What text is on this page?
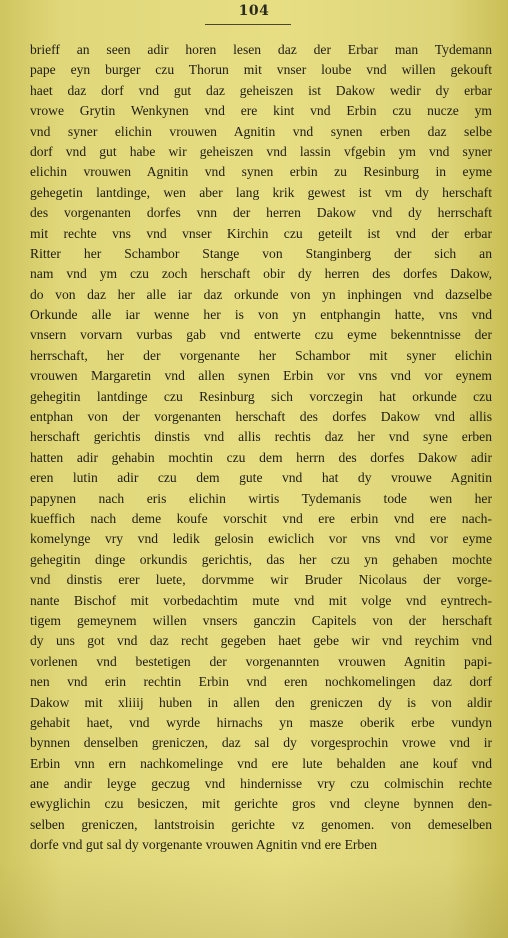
104
brieff an seen adir horen lesen daz der Erbar man Tydemann
pape eyn burger czu Thorun mit vnser loube vnd willen gekouft
haet daz dorf vnd gut daz geheiszen ist Dakow wedir dy erbar
vrowe Grytin Wenkynen vnd ere kint vnd Erbin czu nucze ym
vnd syner elichin vrouwen Agnitin vnd synen erben daz selbe
dorf vnd gut habe wir geheiszen vnd lassin vfgebin ym vnd syner
elichin vrouwen Agnitin vnd synen erbin zu Resinburg in eyme
gehegetin lantdinge, wen aber lang krik gewest ist vm dy herschaft
des vorgenanten dorfes vnn der herren Dakow vnd dy herrschaft
mit rechte vns vnd vnser Kirchin czu geteilt ist vnd der erbar
Ritter her Schambor Stange von Stanginberg der sich an
nam vnd ym czu zoch herschaft obir dy herren des dorfes Dakow,
do von daz her alle iar daz orkunde von yn inphingen vnd dazselbe
Orkunde alle iar wenne her is von yn entphangin hatte, vns vnd
vnsern vorvarn vurbas gab vnd entwerte czu eyme bekenntnisse der
herrschaft, her der vorgenante her Schambor mit syner elichin
vrouwen Margaretin vnd allen synen Erbin vor vns vnd vor eynem
gehegitin lantdinge czu Resinburg sich vorczegin hat orkunde czu
entphan von der vorgenanten herschaft des dorfes Dakow vnd allis
herschaft gerichtis dinstis vnd allis rechtis daz her vnd syne erben
hatten adir gehabin mochtin czu dem herrn des dorfes Dakow adir
eren lutin adir czu dem gute vnd hat dy vrouwe Agnitin
papynen nach eris elichin wirtis Tydemanis tode wen her
kueffich nach deme koufe vorschit vnd ere erbin vnd ere nach-
komelynge vry vnd ledik gelosin ewiclich vor vns vnd vor eyme
gehegitin dinge orkundis gerichtis, das her czu yn gehaben mochte
vnd dinstis erer luete, dorvmme wir Bruder Nicolaus der vorge-
nante Bischof mit vorbedachtim mute vnd mit volge vnd eyntrech-
tigem gemeynem willen vnsers ganczin Capitels von der herschaft
dy uns got vnd daz recht gegeben haet gebe wir vnd reychim vnd
vorlenen vnd bestetigen der vorgenannten vrouwen Agnitin papi-
nen vnd erin rechtin Erbin vnd eren nochkomelingen daz dorf
Dakow mit xliiij huben in allen den greniczen dy is von aldir
gehabit haet, vnd wyrde hirnachs yn masze oberik erbe vundyn
bynnen denselben greniczen, daz sal dy vorgesprochin vrowe vnd ir
Erbin vnn ern nachkomelinge vnd ere lute behalden ane kouf vnd
ane andir leyge geczug vnd hindernisse vry czu colmischin rechte
ewyglichin czu besiczen, mit gerichte gros vnd cleyne bynnen den-
selben greniczen, lantstroisin gerichte vz genomen. von demeselben
dorfe vnd gut sal dy vorgenante vrouwen Agnitin vnd ere Erben
